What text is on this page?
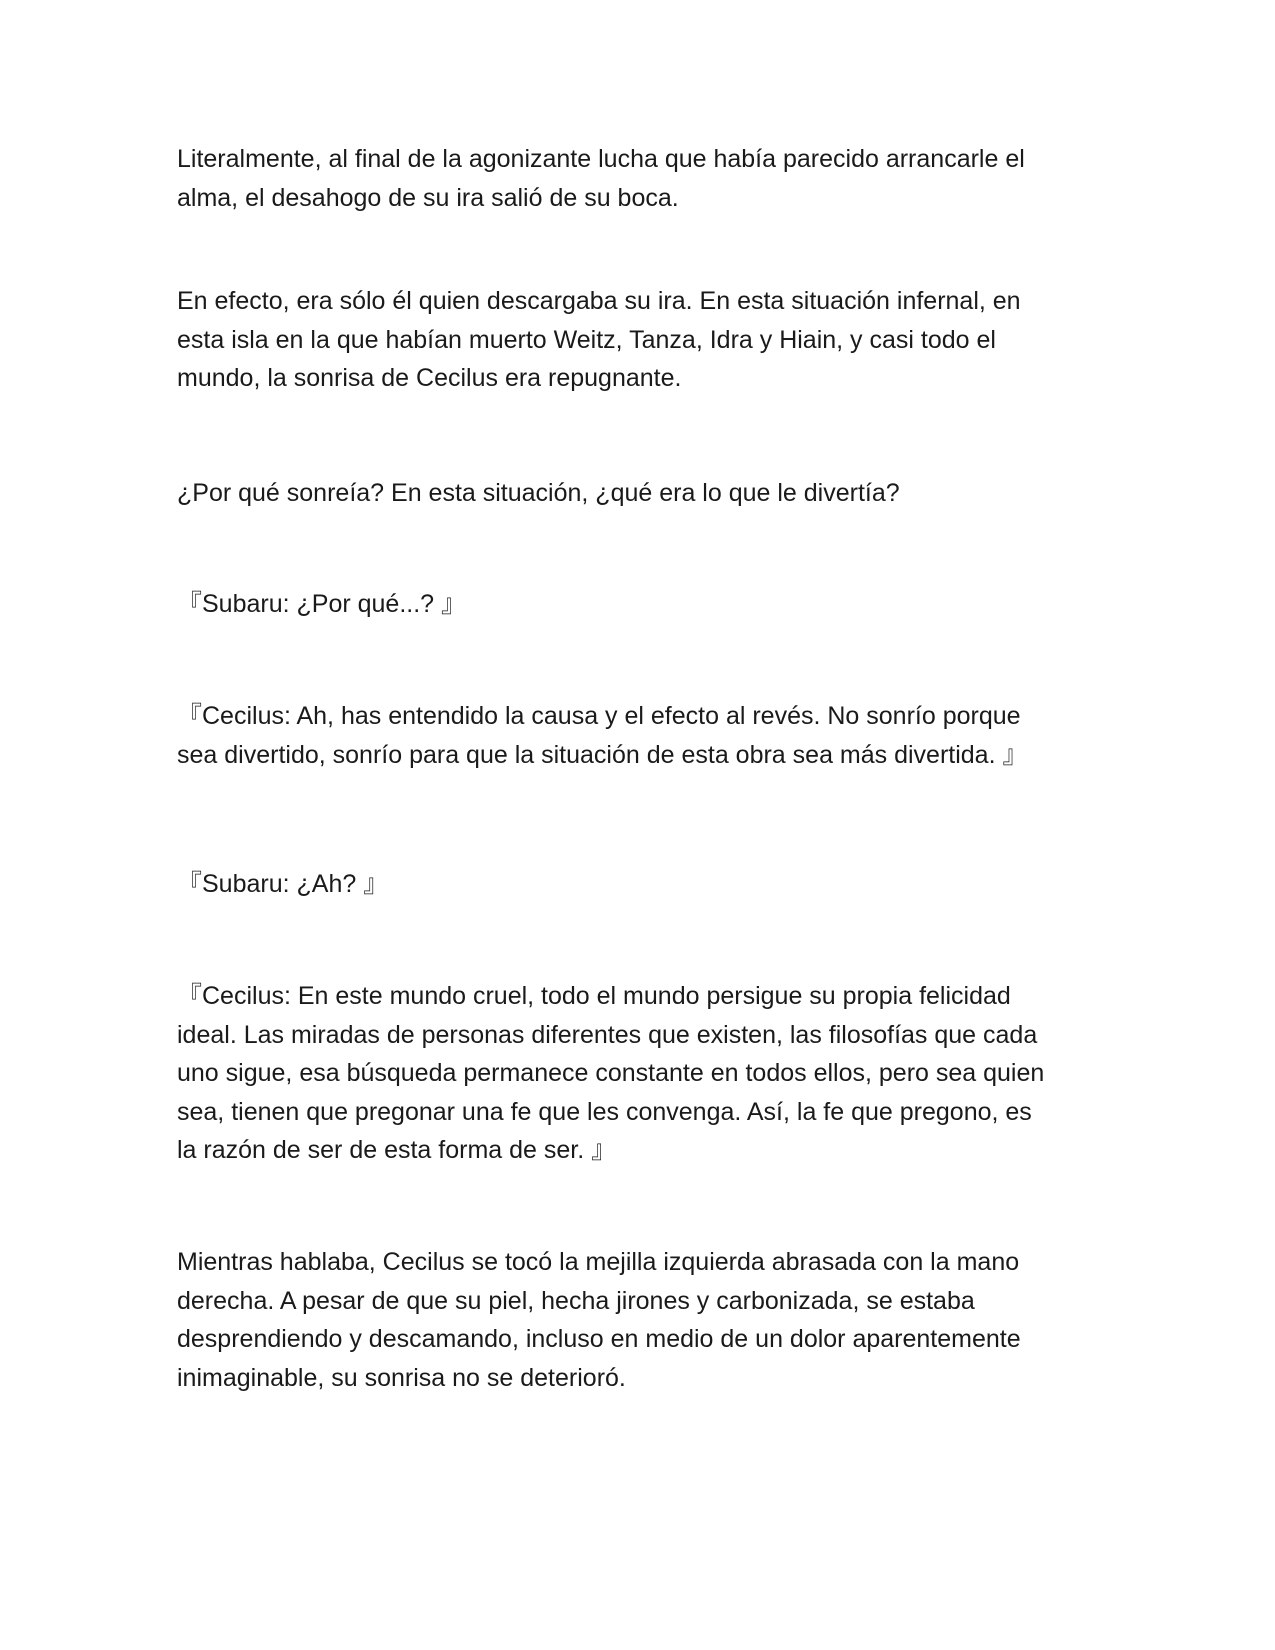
Literalmente, al final de la agonizante lucha que había parecido arrancarle el
alma, el desahogo de su ira salió de su boca.

En efecto, era sólo él quien descargaba su ira. En esta situación infernal, en
esta isla en la que habían muerto Weitz, Tanza, Idra y Hiain, y casi todo el
mundo, la sonrisa de Cecilus era repugnante.

¿Por qué sonreía? En esta situación, ¿qué era lo que le divertía?

『Subaru: ¿Por qué...? 』

『Cecilus: Ah, has entendido la causa y el efecto al revés. No sonrío porque
sea divertido, sonrío para que la situación de esta obra sea más divertida. 』

『Subaru: ¿Ah? 』

『Cecilus: En este mundo cruel, todo el mundo persigue su propia felicidad
ideal. Las miradas de personas diferentes que existen, las filosofías que cada
uno sigue, esa búsqueda permanece constante en todos ellos, pero sea quien
sea, tienen que pregonar una fe que les convenga. Así, la fe que pregono, es
la razón de ser de esta forma de ser. 』

Mientras hablaba, Cecilus se tocó la mejilla izquierda abrasada con la mano
derecha. A pesar de que su piel, hecha jirones y carbonizada, se estaba
desprendiendo y descamando, incluso en medio de un dolor aparentemente
inimaginable, su sonrisa no se deterioró.
